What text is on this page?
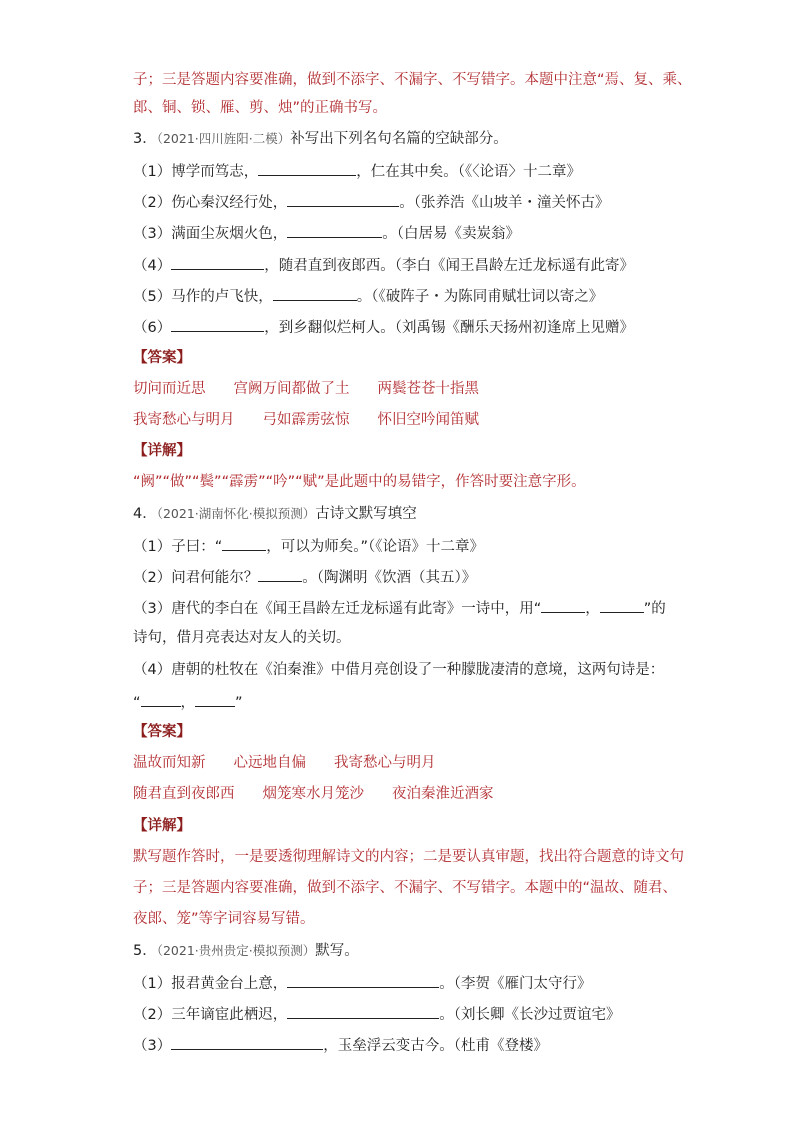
子；三是答题内容要准确，做到不添字、不漏字、不写错字。本题中注意“焉、复、乘、
郎、铜、锁、雁、剪、烛”的正确书写。
3．（2021·四川旌阳·二模）补写出下列名句名篇的空缺部分。
（1）博学而笃志，	，仁在其中矣。（《〈论语〉十二章》
（2）伤心秦汉经行处，	。（张养浩《山坡羊・潼关怀古》
（3）满面尘灰烟火色，	。（白居易《卖炭翁》
（4）	，随君直到夜郎西。（李白《闻王昌龄左迁龙标遥有此寄》
（5）马作的卢飞快，	。（《破阵子・为陈同甫赋壮词以寄之》
（6）	，到乡翻似烂柯人。（刘禹锡《酬乐天扬州初逢席上见赠》
【答案】
切问而近思 宫阙万间都做了土 两鬓苍苍十指黑
我寄愁心与明月 弓如霹雳弦惊 怀旧空吟闻笛赋
【详解】
“阙”“做”“鬓”“霹雳”“吟”“赋”是此题中的易错字，作答时要注意字形。
4．（2021·湖南怀化·模拟预测）古诗文默写填空
（1）子曰：“	，可以为师矣。”（《论语》十二章》
（2）问君何能尔？	。（陶渊明《饮酒（其五）》
（3）唐代的李白在《闻王昌龄左迁龙标遥有此寄》一诗中，用“	，	”的
诗句，借月亮表达对友人的关切。
（4）唐朝的杜牧在《泊秦淮》中借月亮创设了一种朦胧凄清的意境，这两句诗是：
“	，	”
【答案】
温故而知新 心远地自偏 我寄愁心与明月
随君直到夜郎西 烟笼寒水月笼沙 夜泊秦淮近酒家
【详解】
默写题作答时，一是要透彻理解诗文的内容；二是要认真审题，找出符合题意的诗文句
子；三是答题内容要准确，做到不添字、不漏字、不写错字。本题中的“温故、随君、
夜郎、笼”等字词容易写错。
5．（2021·贵州贵定·模拟预测）默写。
（1）报君黄金台上意，	。（李贺《雁门太守行》
（2）三年谪宦此栖迟，	。（刘长卿《长沙过贾谊宅》
（3）	，玉垒浮云变古今。（杜甫《登楼》
